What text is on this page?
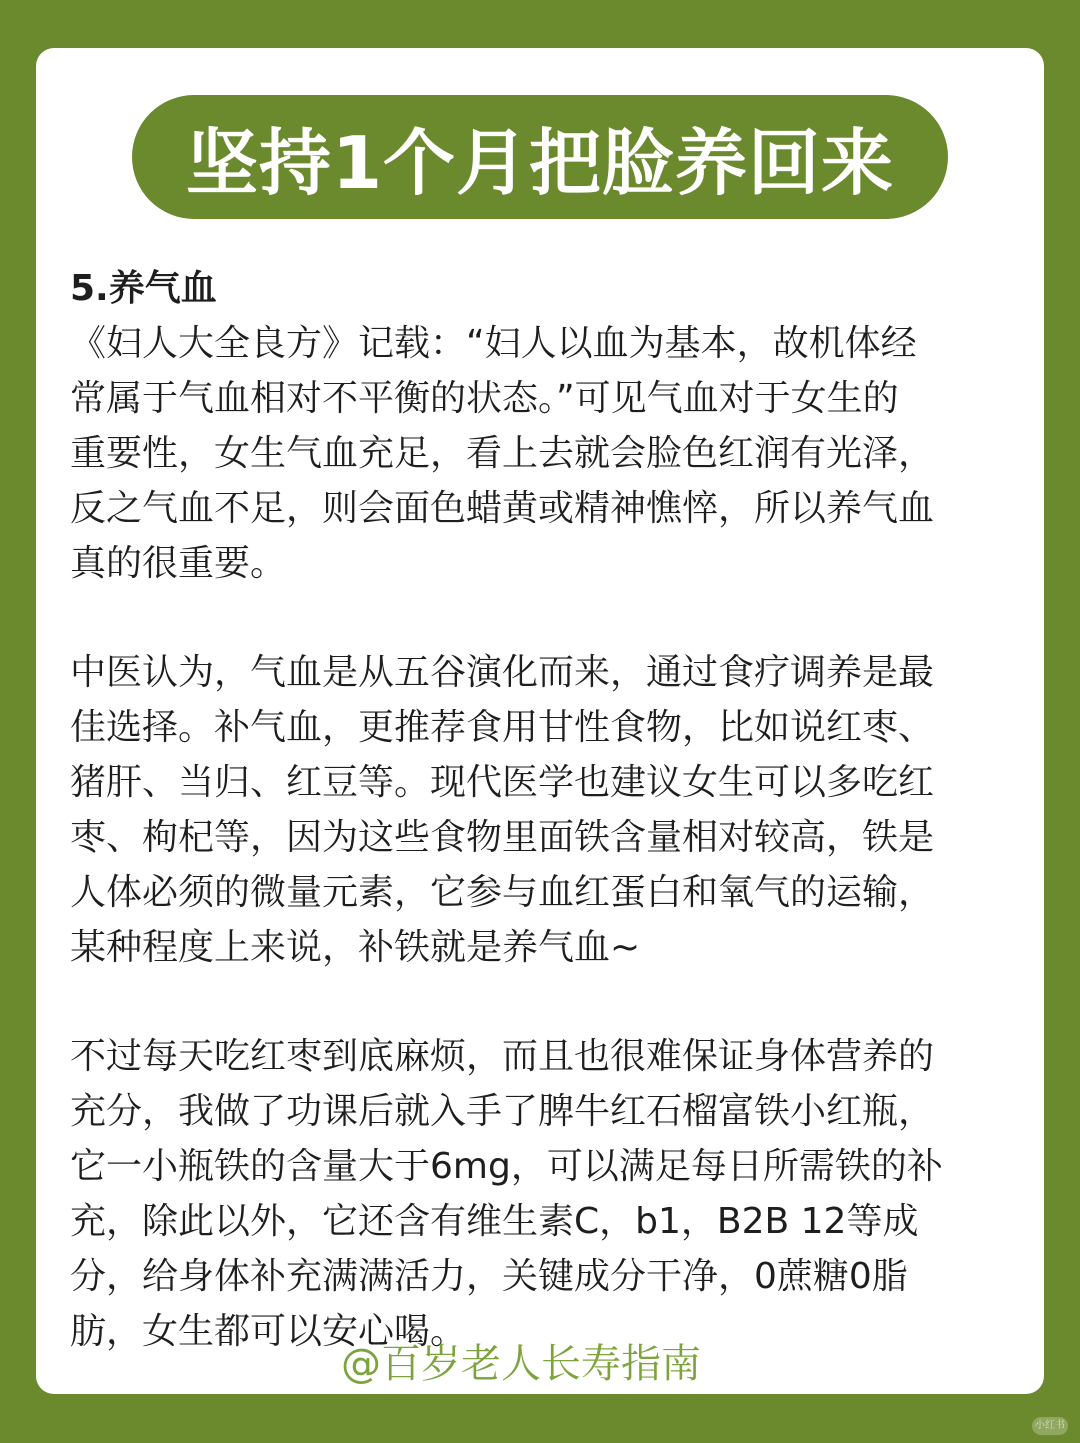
坚持1个月把脸养回来
5.养气血
《妇人大全良方》记载：“妇人以血为基本，故机体经
常属于气血相对不平衡的状态。”可见气血对于女生的
重要性，女生气血充足，看上去就会脸色红润有光泽，
反之气血不足，则会面色蜡黄或精神憔悴，所以养气血
真的很重要。
中医认为，气血是从五谷演化而来，通过食疗调养是最
佳选择。补气血，更推荐食用甘性食物，比如说红枣、
猪肝、当归、红豆等。现代医学也建议女生可以多吃红
枣、枸杞等，因为这些食物里面铁含量相对较高，铁是
人体必须的微量元素，它参与血红蛋白和氧气的运输，
某种程度上来说，补铁就是养气血~
不过每天吃红枣到底麻烦，而且也很难保证身体营养的
充分，我做了功课后就入手了脾牛红石榴富铁小红瓶，
它一小瓶铁的含量大于6mg，可以满足每日所需铁的补
充，除此以外，它还含有维生素C，b1，B2B 12等成
分，给身体补充满满活力，关键成分干净，0蔗糖0脂
肪，女生都可以安心喝。
@百岁老人长寿指南
小红书
